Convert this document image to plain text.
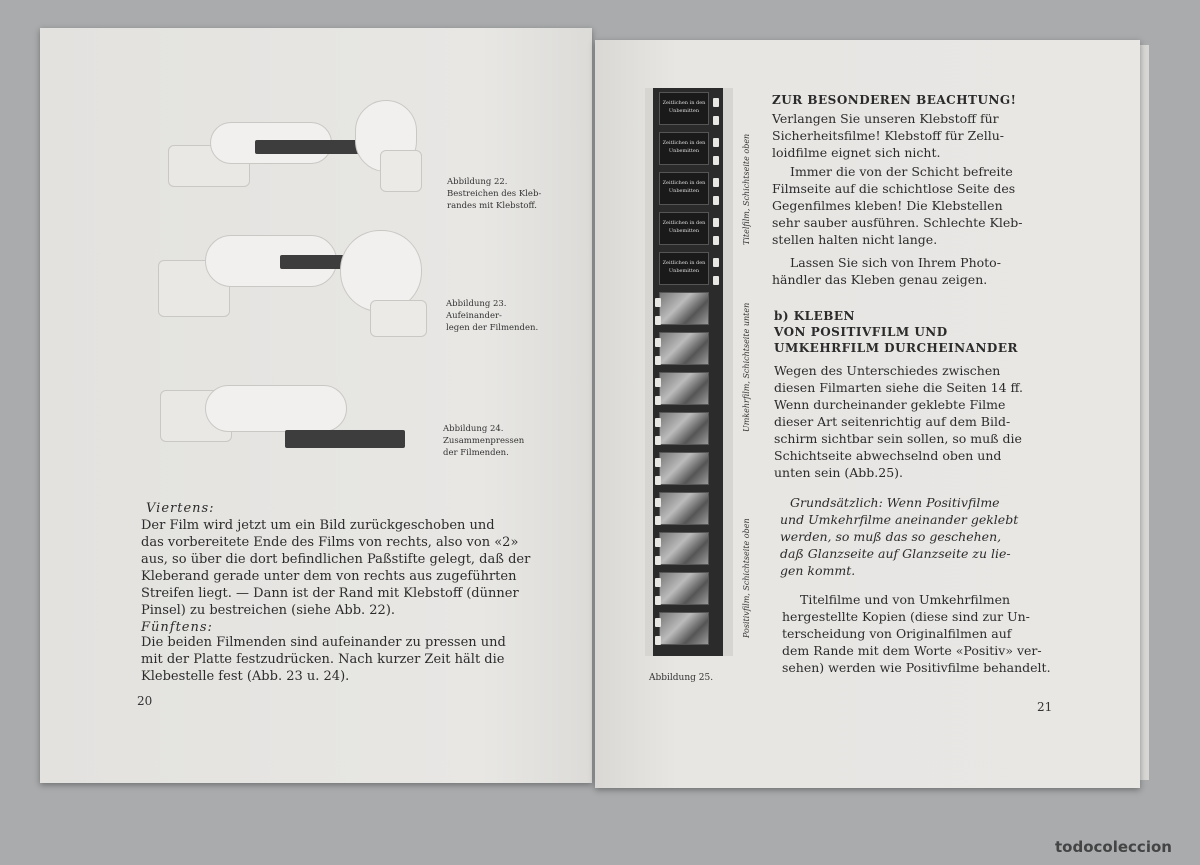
Abbildung 22.
Bestreichen des Kleb-
randes mit Klebstoff.
Abbildung 23.
Aufeinander-
legen der Filmenden.
Abbildung 24.
Zusammenpressen
der Filmenden.
Viertens:
Der Film wird jetzt um ein Bild zurückgeschoben und
das vorbereitete Ende des Films von rechts, also von «2»
aus, so über die dort befindlichen Paßstifte gelegt, daß der
Kleberand gerade unter dem von rechts aus zugeführten
Streifen liegt. — Dann ist der Rand mit Klebstoff (dünner
Pinsel) zu bestreichen (siehe Abb. 22).
Fünftens:
Die beiden Filmenden sind aufeinander zu pressen und
mit der Platte festzudrücken. Nach kurzer Zeit hält die
Klebestelle fest (Abb. 23 u. 24).
20
Zeitlichen in den Unbemitten
Zeitlichen in den Unbemitten
Zeitlichen in den Unbemitten
Zeitlichen in den Unbemitten
Zeitlichen in den Unbemitten
Titelfilm, Schichtseite oben
Umkehrfilm, Schichtseite unten
Positivfilm, Schichtseite oben
Abbildung 25.
ZUR BESONDEREN BEACHTUNG!
Verlangen Sie unseren Klebstoff für
Sicherheitsfilme! Klebstoff für Zellu-
loidfilme eignet sich nicht.
Immer die von der Schicht befreite
Filmseite auf die schichtlose Seite des
Gegenfilmes kleben! Die Klebstellen
sehr sauber ausführen. Schlechte Kleb-
stellen halten nicht lange.
Lassen Sie sich von Ihrem Photo-
händler das Kleben genau zeigen.
b) KLEBEN
VON POSITIVFILM UND
UMKEHRFILM DURCHEINANDER
Wegen des Unterschiedes zwischen
diesen Filmarten siehe die Seiten 14 ff.
Wenn durcheinander geklebte Filme
dieser Art seitenrichtig auf dem Bild-
schirm sichtbar sein sollen, so muß die
Schichtseite abwechselnd oben und
unten sein (Abb.25).
Grundsätzlich: Wenn Positivfilme
und Umkehrfilme aneinander geklebt
werden, so muß das so geschehen,
daß Glanzseite auf Glanzseite zu lie-
gen kommt.
Titelfilme und von Umkehrfilmen
hergestellte Kopien (diese sind zur Un-
terscheidung von Originalfilmen auf
dem Rande mit dem Worte «Positiv» ver-
sehen) werden wie Positivfilme behandelt.
21
todocoleccion
